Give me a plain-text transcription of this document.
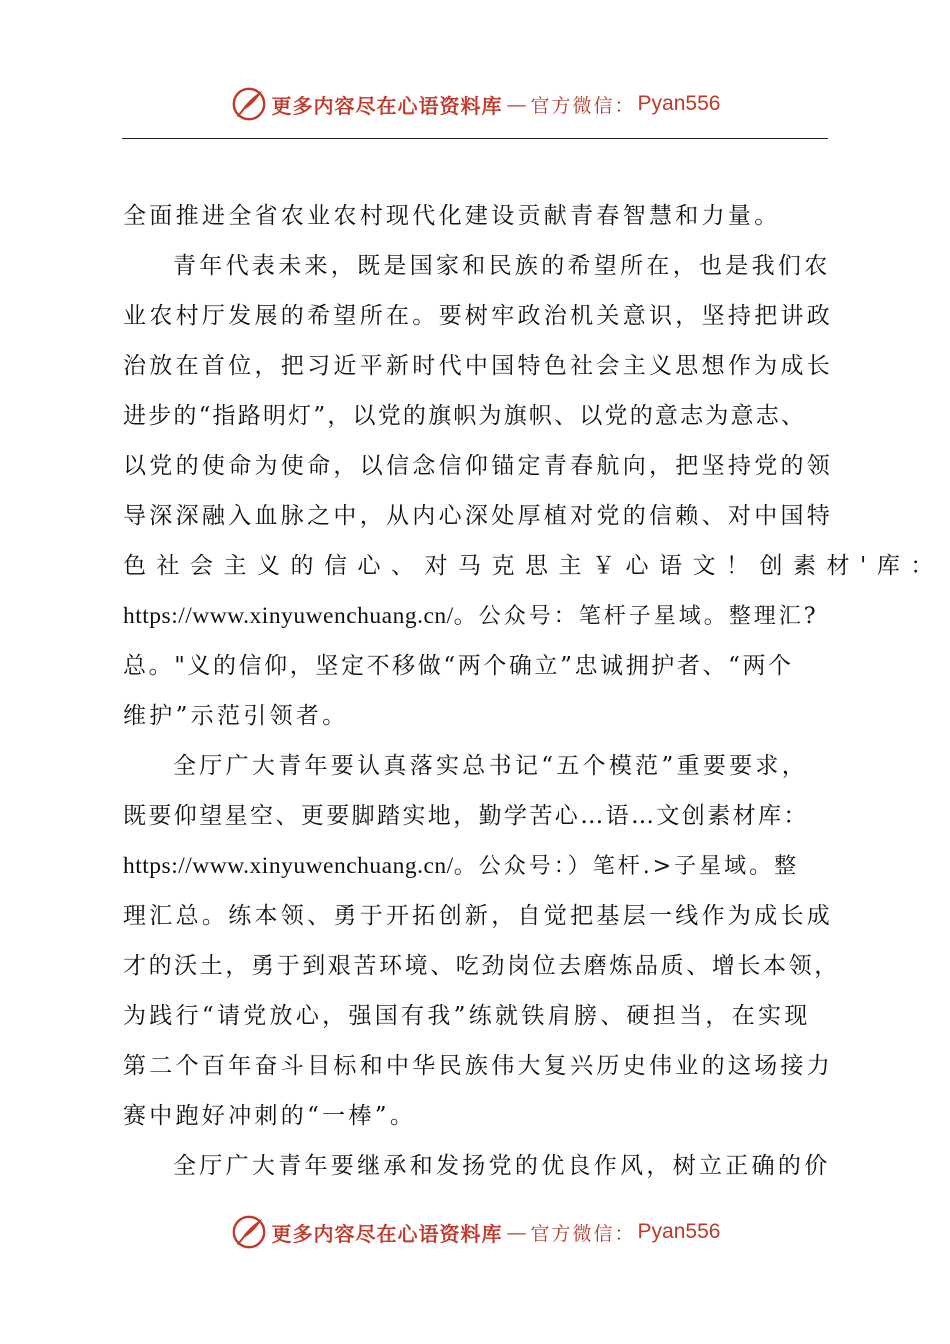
更多内容尽在心语资料库 — 官方微信： Pyan556
全面推进全省农业农村现代化建设贡献青春智慧和力量。
青年代表未来，既是国家和民族的希望所在，也是我们农
业农村厅发展的希望所在。要树牢政治机关意识，坚持把讲政
治放在首位，把习近平新时代中国特色社会主义思想作为成长
进步的“指路明灯”，以党的旗帜为旗帜、以党的意志为意志、
以党的使命为使命，以信念信仰锚定青春航向，把坚持党的领
导深深融入血脉之中，从内心深处厚植对党的信赖、对中国特
色社会主义的信心、对马克思主￥心语文！创素材'库：
https://www.xinyuwenchuang.cn/。公众号：笔杆子星域。整理汇?
总。"义的信仰，坚定不移做“两个确立”忠诚拥护者、“两个
维护”示范引领者。
全厅广大青年要认真落实总书记“五个模范”重要要求，
既要仰望星空、更要脚踏实地，勤学苦心…语…文创素材库：
https://www.xinyuwenchuang.cn/。公众号：）笔杆.>子星域。整
理汇总。练本领、勇于开拓创新，自觉把基层一线作为成长成
才的沃土，勇于到艰苦环境、吃劲岗位去磨炼品质、增长本领，
为践行“请党放心，强国有我”练就铁肩膀、硬担当，在实现
第二个百年奋斗目标和中华民族伟大复兴历史伟业的这场接力
赛中跑好冲刺的“一棒”。
全厅广大青年要继承和发扬党的优良作风，树立正确的价
更多内容尽在心语资料库 — 官方微信： Pyan556
